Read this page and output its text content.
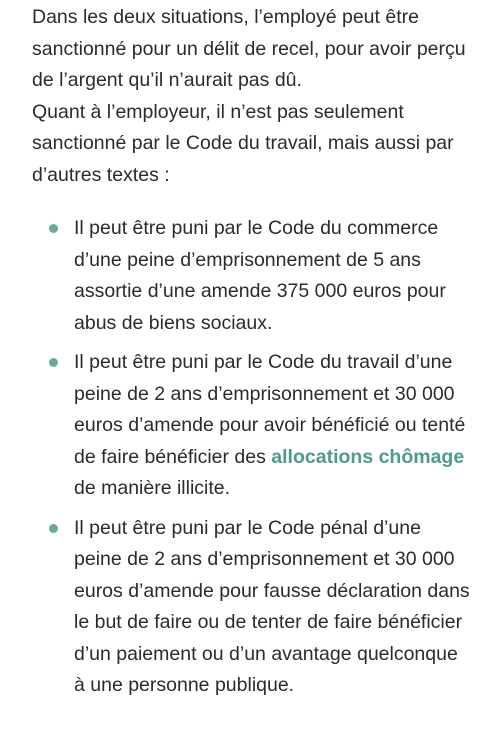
Dans les deux situations, l’employé peut être sanctionné pour un délit de recel, pour avoir perçu de l’argent qu’il n’aurait pas dû.

Quant à l’employeur, il n’est pas seulement sanctionné par le Code du travail, mais aussi par d’autres textes :

Il peut être puni par le Code du commerce d’une peine d’emprisonnement de 5 ans assortie d’une amende 375 000 euros pour abus de biens sociaux.
Il peut être puni par le Code du travail d’une peine de 2 ans d’emprisonnement et 30 000 euros d’amende pour avoir bénéficié ou tenté de faire bénéficier des allocations chômage de manière illicite.
Il peut être puni par le Code pénal d’une peine de 2 ans d’emprisonnement et 30 000 euros d’amende pour fausse déclaration dans le but de faire ou de tenter de faire bénéficier d’un paiement ou d’un avantage quelconque à une personne publique.
